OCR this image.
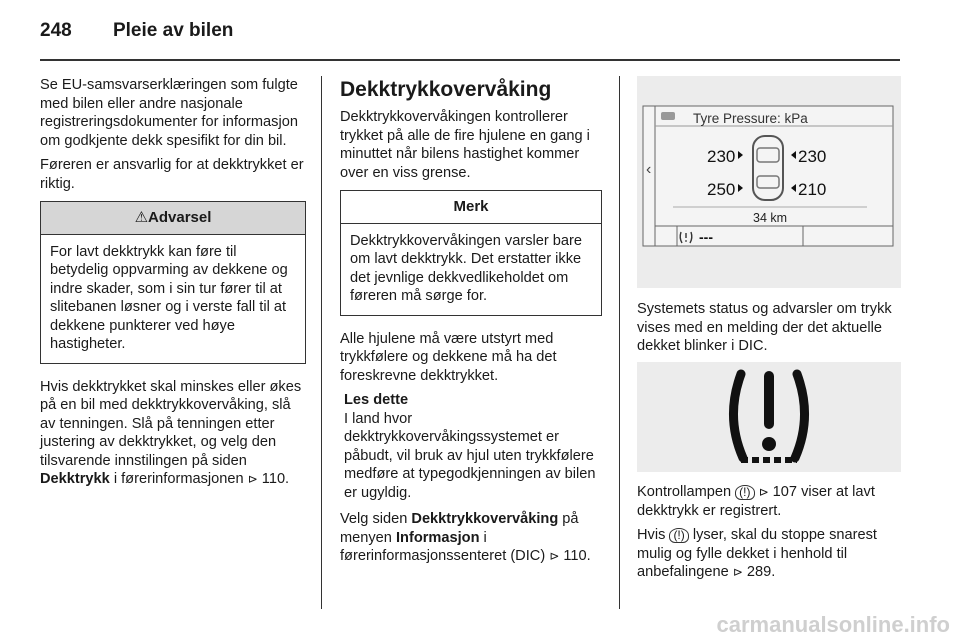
248 Pleie av bilen

Se EU-samsvarserklæringen som fulgte med bilen eller andre nasjonale registreringsdokumenter for informasjon om godkjente dekk spesifikt for din bil.

Føreren er ansvarlig for at dekktrykket er riktig.

⚠Advarsel
For lavt dekktrykk kan føre til betydelig oppvarming av dekkene og indre skader, som i sin tur fører til at slitebanen løsner og i verste fall til at dekkene punkterer ved høye hastigheter.

Hvis dekktrykket skal minskes eller økes på en bil med dekktrykkovervåking, slå av tenningen. Slå på tenningen etter justering av dekktrykket, og velg den tilsvarende innstilingen på siden Dekktrykk i førerinformasjonen ⊳ 110.

Dekktrykkovervåking

Dekktrykkovervåkingen kontrollerer trykket på alle de fire hjulene en gang i minuttet når bilens hastighet kommer over en viss grense.

Merk
Dekktrykkovervåkingen varsler bare om lavt dekktrykk. Det erstatter ikke det jevnlige dekkvedlikeholdet om føreren må sørge for.

Alle hjulene må være utstyrt med trykkfølere og dekkene må ha det foreskrevne dekktrykket.

Les dette
I land hvor dekktrykkovervåkingssystemet er påbudt, vil bruk av hjul uten trykkfølere medføre at typegodkjenningen av bilen er ugyldig.

Velg siden Dekktrykkovervåking på menyen Informasjon i førerinformasjonssenteret (DIC) ⊳ 110.

‹
Tyre Pressure: kPa
230	230
250	210
34 km
---

Systemets status og advarsler om trykk vises med en melding der det aktuelle dekket blinker i DIC.

Kontrollampen (!) ⊳ 107 viser at lavt dekktrykk er registrert.

Hvis (!) lyser, skal du stoppe snarest mulig og fylle dekket i henhold til anbefalingene ⊳ 289.

carmanualsonline.info
